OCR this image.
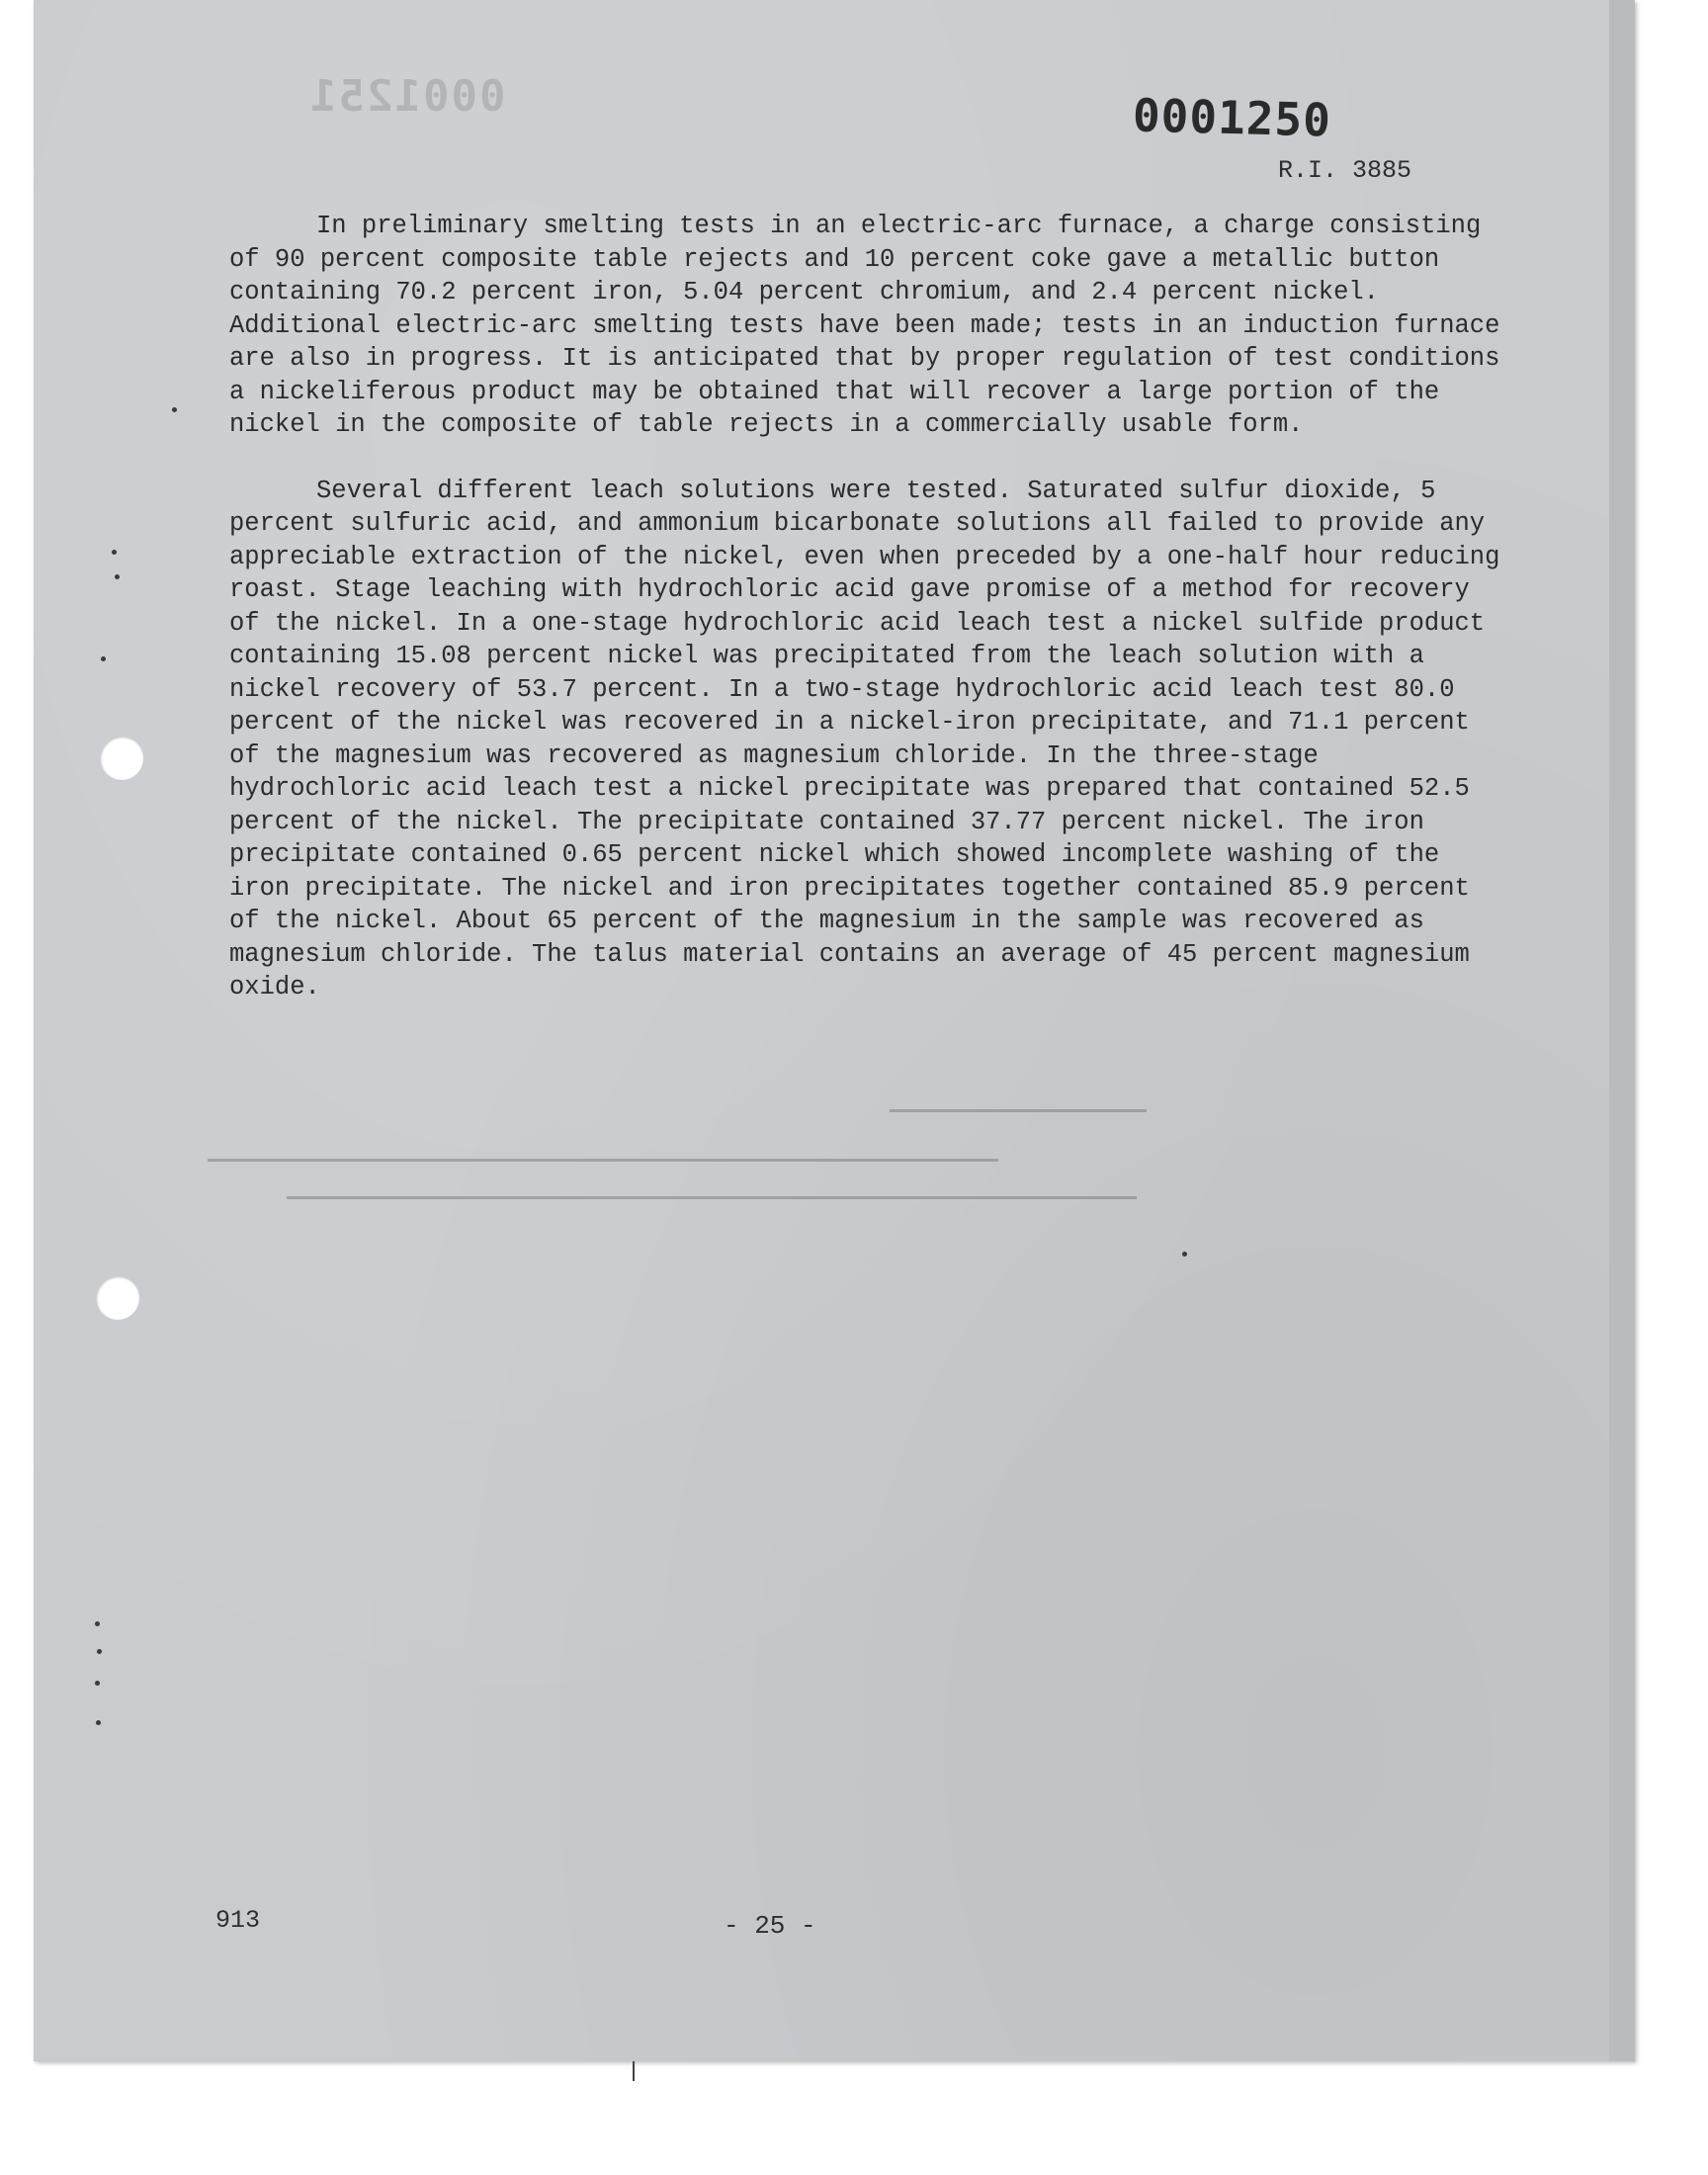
0001251	0001250
R.I. 3885

In preliminary smelting tests in an electric-arc furnace, a charge consisting of 90 percent composite table rejects and 10 percent coke gave a metallic button containing 70.2 percent iron, 5.04 percent chromium, and 2.4 percent nickel. Additional electric-arc smelting tests have been made; tests in an induction furnace are also in progress. It is anticipated that by proper regulation of test conditions a nickeliferous product may be obtained that will recover a large portion of the nickel in the composite of table rejects in a commercially usable form.

Several different leach solutions were tested. Saturated sulfur dioxide, 5 percent sulfuric acid, and ammonium bicarbonate solutions all failed to provide any appreciable extraction of the nickel, even when preceded by a one-half hour reducing roast. Stage leaching with hydrochloric acid gave promise of a method for recovery of the nickel. In a one-stage hydrochloric acid leach test a nickel sulfide product containing 15.08 percent nickel was precipitated from the leach solution with a nickel recovery of 53.7 percent. In a two-stage hydrochloric acid leach test 80.0 percent of the nickel was recovered in a nickel-iron precipitate, and 71.1 percent of the magnesium was recovered as magnesium chloride. In the three-stage hydrochloric acid leach test a nickel precipitate was prepared that contained 52.5 percent of the nickel. The precipitate contained 37.77 percent nickel. The iron precipitate contained 0.65 percent nickel which showed incomplete washing of the iron precipitate. The nickel and iron precipitates together contained 85.9 percent of the nickel. About 65 percent of the magnesium in the sample was recovered as magnesium chloride. The talus material contains an average of 45 percent magnesium oxide.

913	- 25 -
